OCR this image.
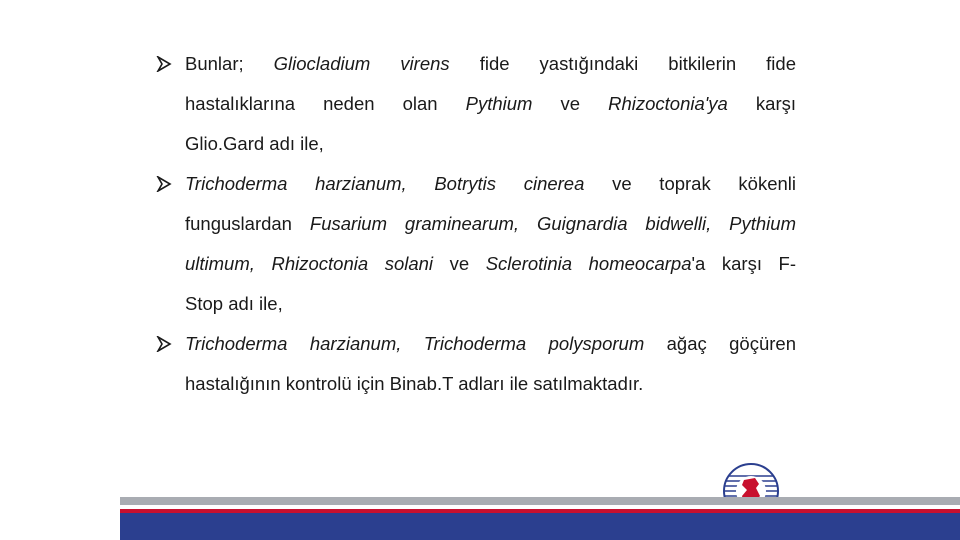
Bunlar; Gliocladium virens fide yastığındaki bitkilerin fide
hastalıklarına neden olan Pythium ve Rhizoctonia'ya karşı
Glio.Gard adı ile,
Trichoderma harzianum, Botrytis cinerea ve toprak kökenli
funguslardan Fusarium graminearum, Guignardia bidwelli, Pythium
ultimum, Rhizoctonia solani ve Sclerotinia homeocarpa'a karşı F-
Stop adı ile,
Trichoderma harzianum, Trichoderma polysporum ağaç göçüren
hastalığının kontrolü için Binab.T adları ile satılmaktadır.
